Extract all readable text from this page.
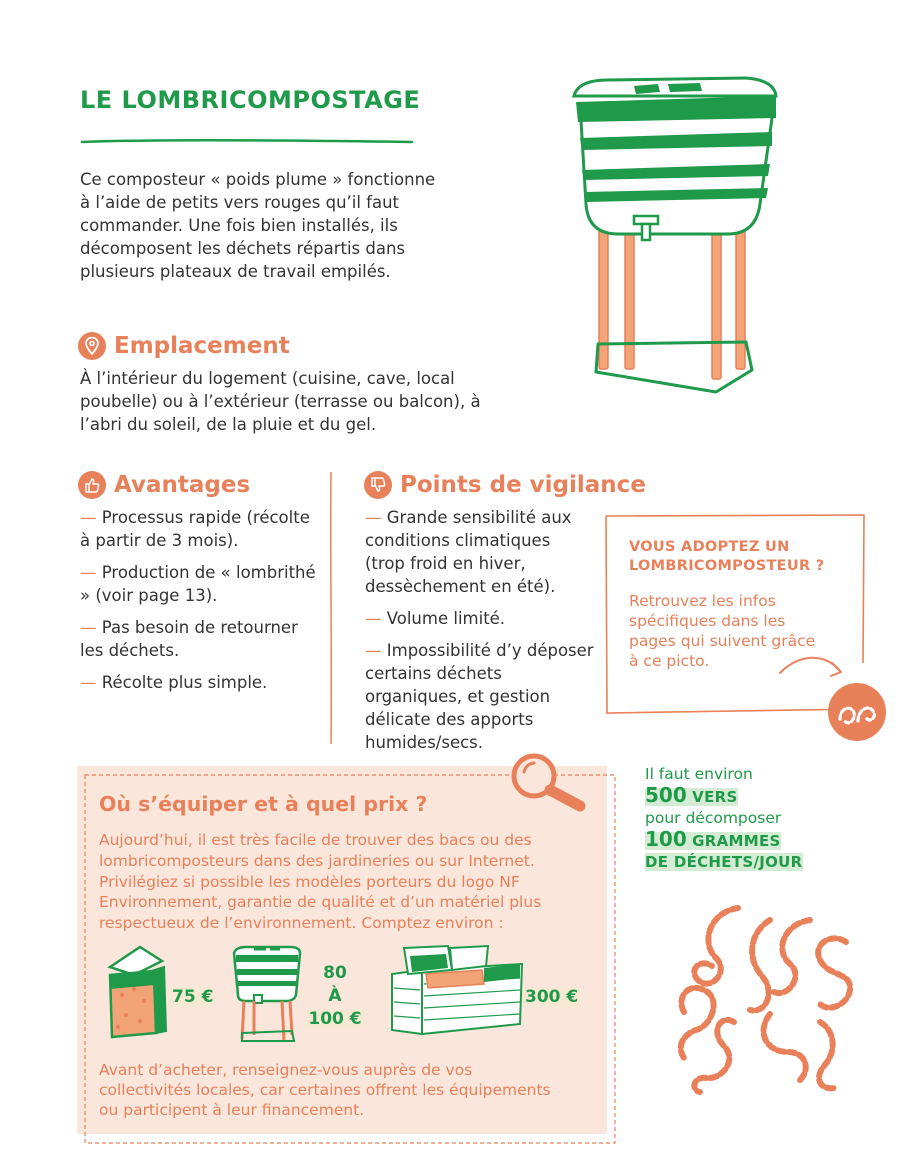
LE LOMBRICOMPOSTAGE

Ce composteur « poids plume » fonctionne à l’aide de petits vers rouges qu’il faut commander. Une fois bien installés, ils décomposent les déchets répartis dans plusieurs plateaux de travail empilés.

Emplacement

À l’intérieur du logement (cuisine, cave, local poubelle) ou à l’extérieur (terrasse ou balcon), à l’abri du soleil, de la pluie et du gel.

Avantages
— Processus rapide (récolte à partir de 3 mois).
— Production de « lombrithé » (voir page 13).
— Pas besoin de retourner les déchets.
— Récolte plus simple.
Points de vigilance
— Grande sensibilité aux conditions climatiques (trop froid en hiver, dessèchement en été).
— Volume limité.
— Impossibilité d’y déposer certains déchets organiques, et gestion délicate des apports humides/secs.
VOUS ADOPTEZ UN LOMBRICOMPOSTEUR ?
Retrouvez les infos spécifiques dans les pages qui suivent grâce à ce picto.
Où s’équiper et à quel prix ?

Aujourd’hui, il est très facile de trouver des bacs ou des lombricomposteurs dans des jardineries ou sur Internet. Privilégiez si possible les modèles porteurs du logo NF Environnement, garantie de qualité et d’un matériel plus respectueux de l’environnement. Comptez environ :

75 €
80
À
100 €
300 €

Avant d’acheter, renseignez-vous auprès de vos collectivités locales, car certaines offrent les équipements ou participent à leur financement.

Il faut environ
500 VERS
pour décomposer
100 GRAMMES
DE DÉCHETS/JOUR
